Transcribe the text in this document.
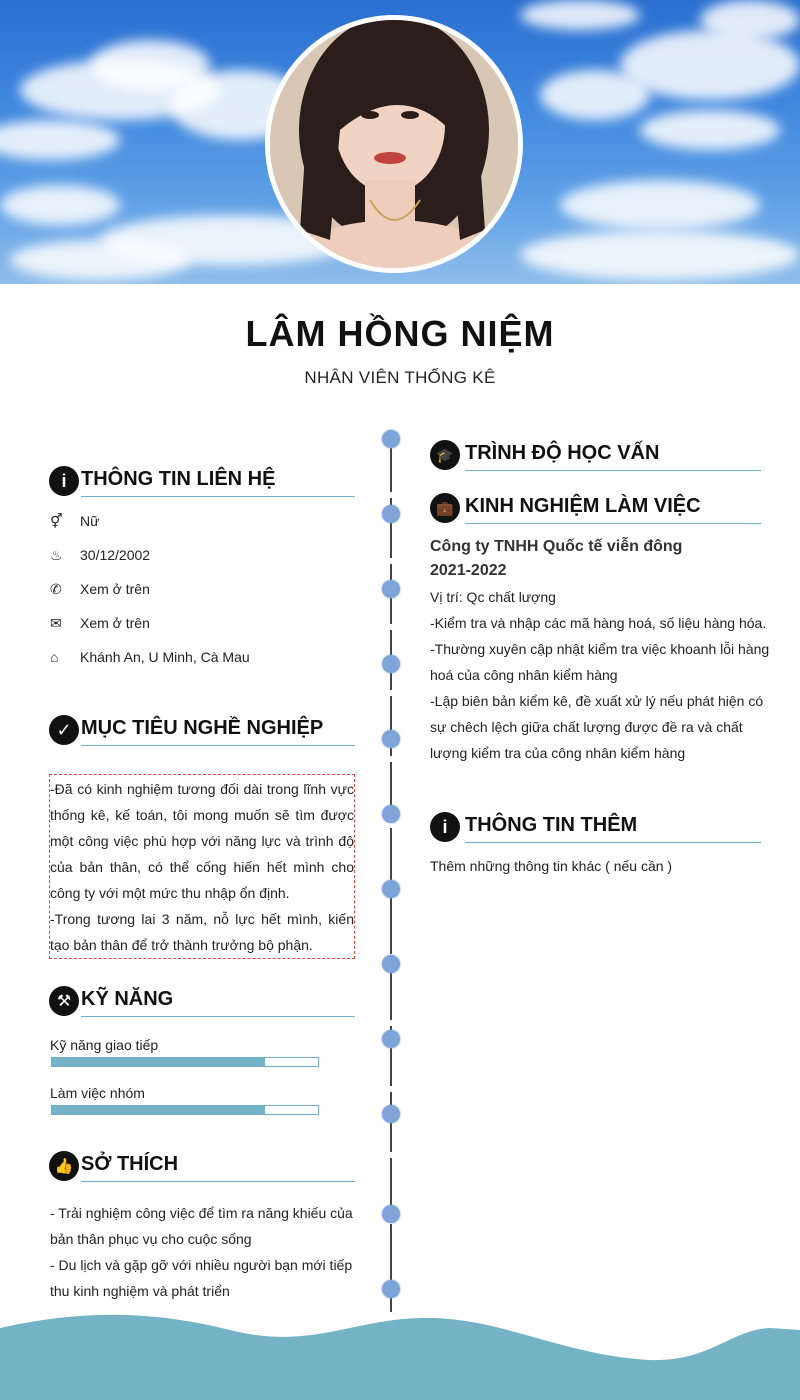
LÂM HỒNG NIỆM
NHÂN VIÊN THỐNG KÊ
i THÔNG TIN LIÊN HỆ
⚥	Nữ
♨	30/12/2002
✆	Xem ở trên
✉	Xem ở trên
⌂	Khánh An, U Minh, Cà Mau
✓ MỤC TIÊU NGHỀ NGHIỆP
-Đã có kinh nghiệm tương đối dài trong lĩnh vực thống kê, kế toán, tôi mong muốn sẽ tìm được một công việc phù hợp với năng lực và trình độ của bản thân, có thể cống hiến hết mình cho công ty với một mức thu nhập ổn định.
-Trong tương lai 3 năm, nỗ lực hết mình, kiến tạo bản thân để trở thành trưởng bộ phận.
⚒ KỸ NĂNG
Kỹ năng giao tiếp
Làm việc nhóm
👍 SỞ THÍCH
- Trải nghiệm công việc để tìm ra năng khiếu của bản thân phục vụ cho cuộc sống
- Du lịch và gặp gỡ với nhiều người bạn mới tiếp thu kinh nghiệm và phát triển
🎓 TRÌNH ĐỘ HỌC VẤN
💼 KINH NGHIỆM LÀM VIỆC
Công ty TNHH Quốc tế viễn đông
2021-2022
Vị trí: Qc chất lượng
-Kiểm tra và nhập các mã hàng hoá, số liệu hàng hóa.
-Thường xuyên cập nhật kiểm tra việc khoanh lỗi hàng hoá của công nhân kiểm hàng
-Lập biên bản kiểm kê, đề xuất xử lý nếu phát hiện có sự chêch lệch giữa chất lượng được đề ra và chất lượng kiểm tra của công nhân kiểm hàng
i THÔNG TIN THÊM
Thêm những thông tin khác ( nếu cần )
